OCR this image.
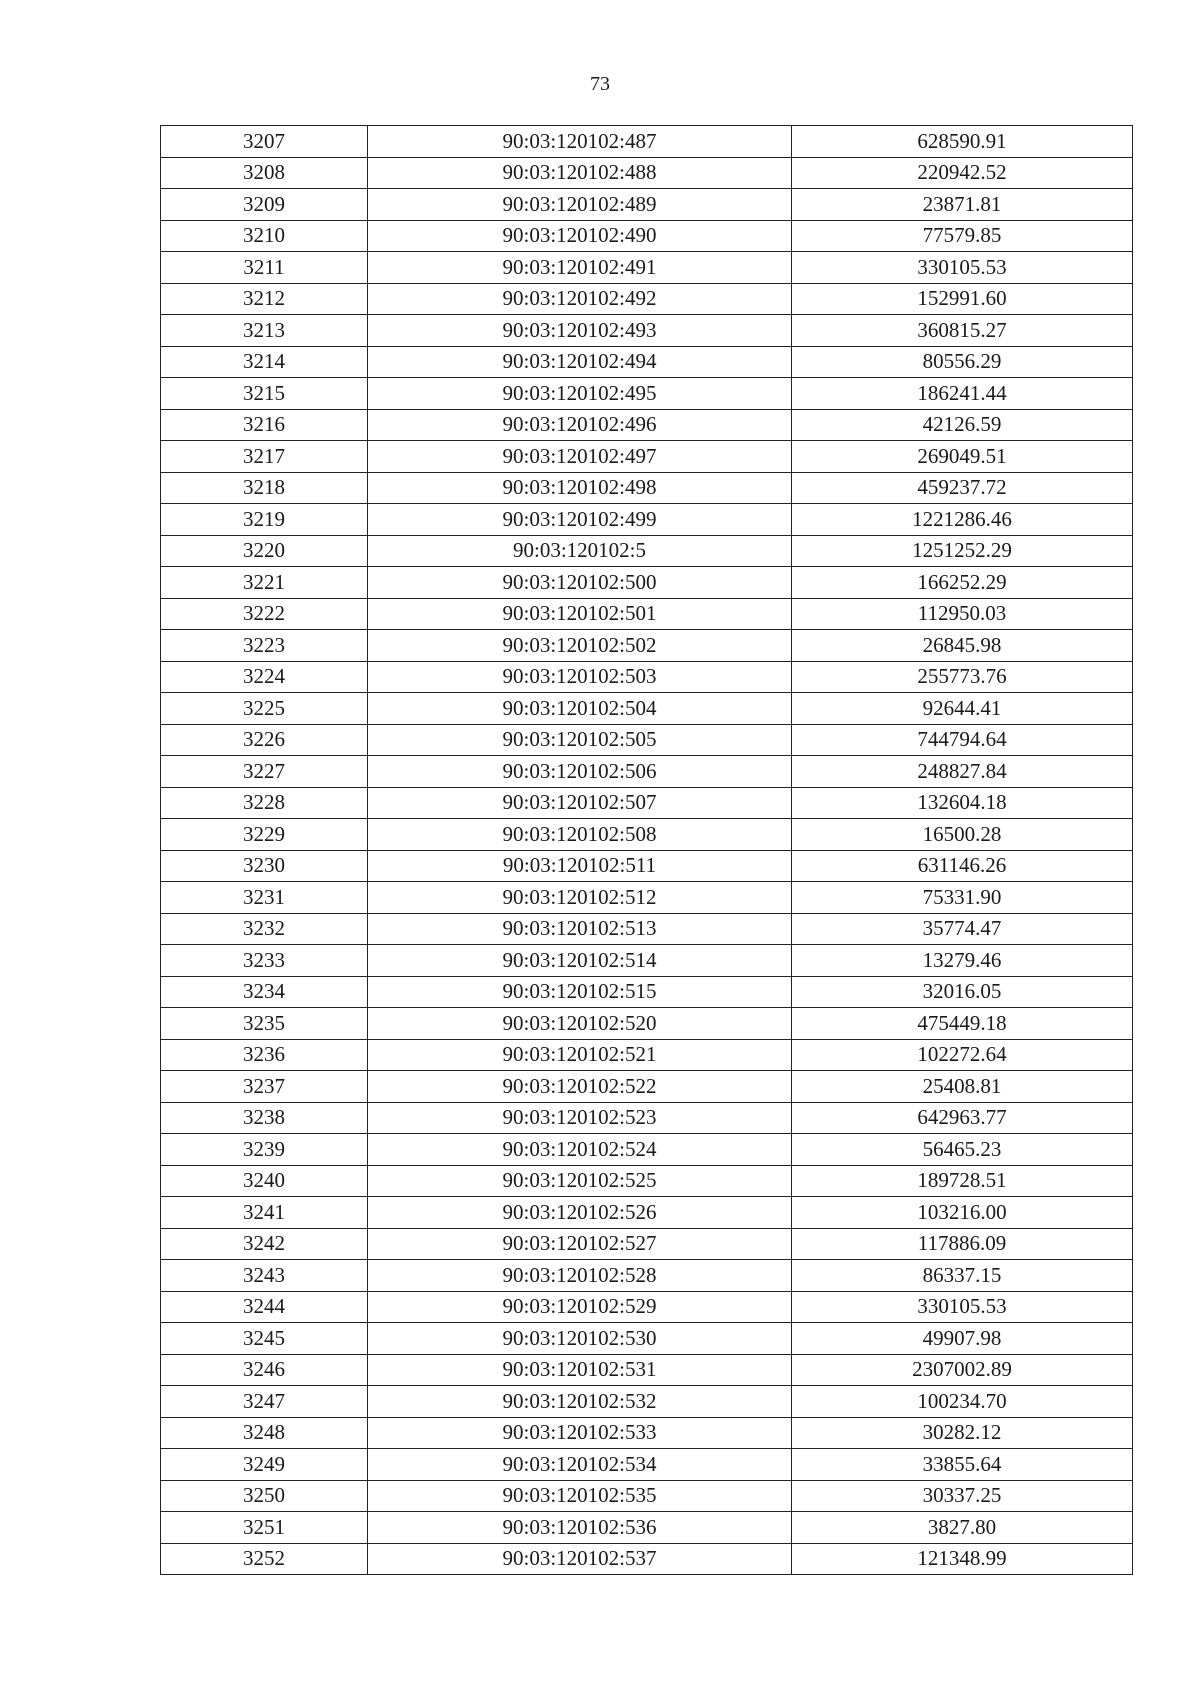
73
3207	90:03:120102:487	628590.91
3208	90:03:120102:488	220942.52
3209	90:03:120102:489	23871.81
3210	90:03:120102:490	77579.85
3211	90:03:120102:491	330105.53
3212	90:03:120102:492	152991.60
3213	90:03:120102:493	360815.27
3214	90:03:120102:494	80556.29
3215	90:03:120102:495	186241.44
3216	90:03:120102:496	42126.59
3217	90:03:120102:497	269049.51
3218	90:03:120102:498	459237.72
3219	90:03:120102:499	1221286.46
3220	90:03:120102:5	1251252.29
3221	90:03:120102:500	166252.29
3222	90:03:120102:501	112950.03
3223	90:03:120102:502	26845.98
3224	90:03:120102:503	255773.76
3225	90:03:120102:504	92644.41
3226	90:03:120102:505	744794.64
3227	90:03:120102:506	248827.84
3228	90:03:120102:507	132604.18
3229	90:03:120102:508	16500.28
3230	90:03:120102:511	631146.26
3231	90:03:120102:512	75331.90
3232	90:03:120102:513	35774.47
3233	90:03:120102:514	13279.46
3234	90:03:120102:515	32016.05
3235	90:03:120102:520	475449.18
3236	90:03:120102:521	102272.64
3237	90:03:120102:522	25408.81
3238	90:03:120102:523	642963.77
3239	90:03:120102:524	56465.23
3240	90:03:120102:525	189728.51
3241	90:03:120102:526	103216.00
3242	90:03:120102:527	117886.09
3243	90:03:120102:528	86337.15
3244	90:03:120102:529	330105.53
3245	90:03:120102:530	49907.98
3246	90:03:120102:531	2307002.89
3247	90:03:120102:532	100234.70
3248	90:03:120102:533	30282.12
3249	90:03:120102:534	33855.64
3250	90:03:120102:535	30337.25
3251	90:03:120102:536	3827.80
3252	90:03:120102:537	121348.99
